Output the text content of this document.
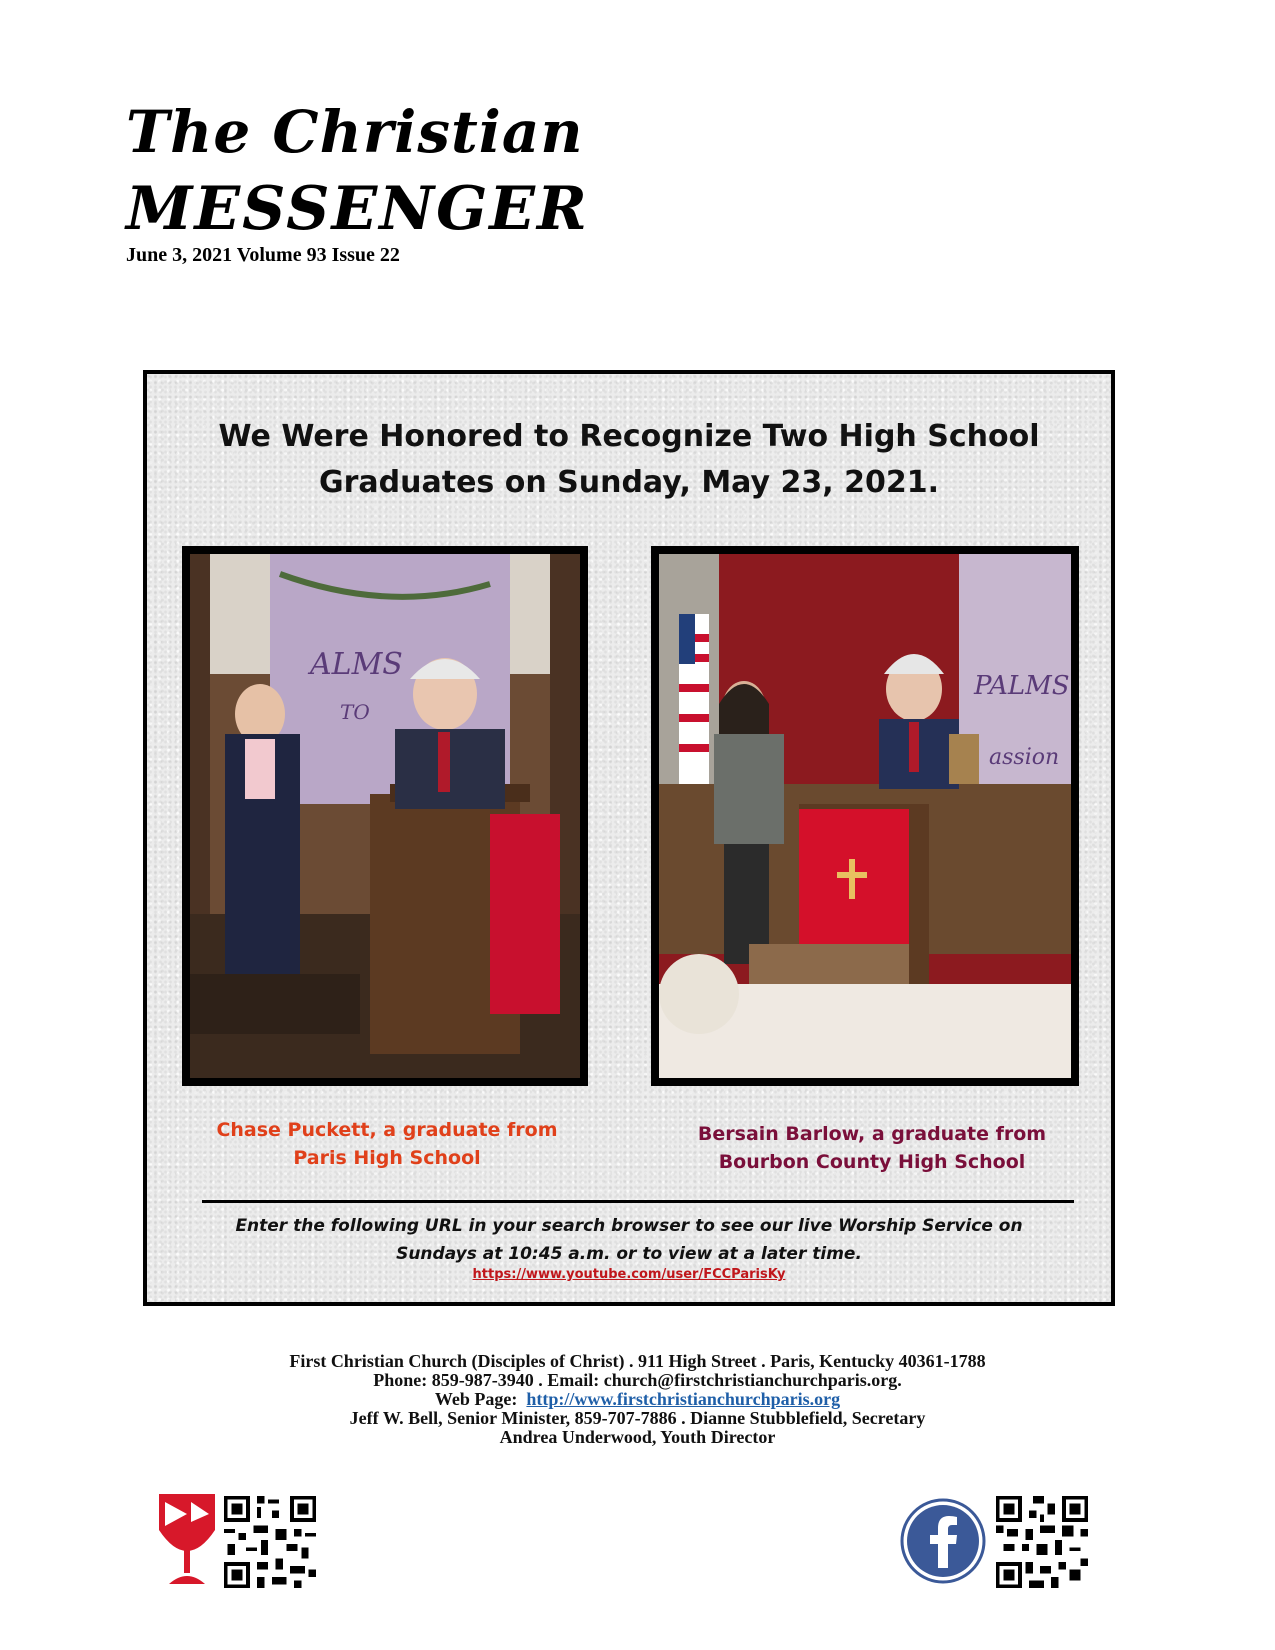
The Christian
MESSENGER
June 3, 2021 Volume 93 Issue 22
We Were Honored to Recognize Two High School
Graduates on Sunday, May 23, 2021.
ALMS
TO
PALMS
assion
Chase Puckett, a graduate from
Paris High School
Bersain Barlow, a graduate from
Bourbon County High School
Enter the following URL in your search browser to see our live Worship Service on
Sundays at 10:45 a.m. or to view at a later time.
https://www.youtube.com/user/FCCParisKy
First Christian Church (Disciples of Christ) . 911 High Street . Paris, Kentucky 40361-1788
Phone: 859-987-3940 . Email: church@firstchristianchurchparis.org.
Web Page: http://www.firstchristianchurchparis.org
Jeff W. Bell, Senior Minister, 859-707-7886 . Dianne Stubblefield, Secretary
Andrea Underwood, Youth Director
